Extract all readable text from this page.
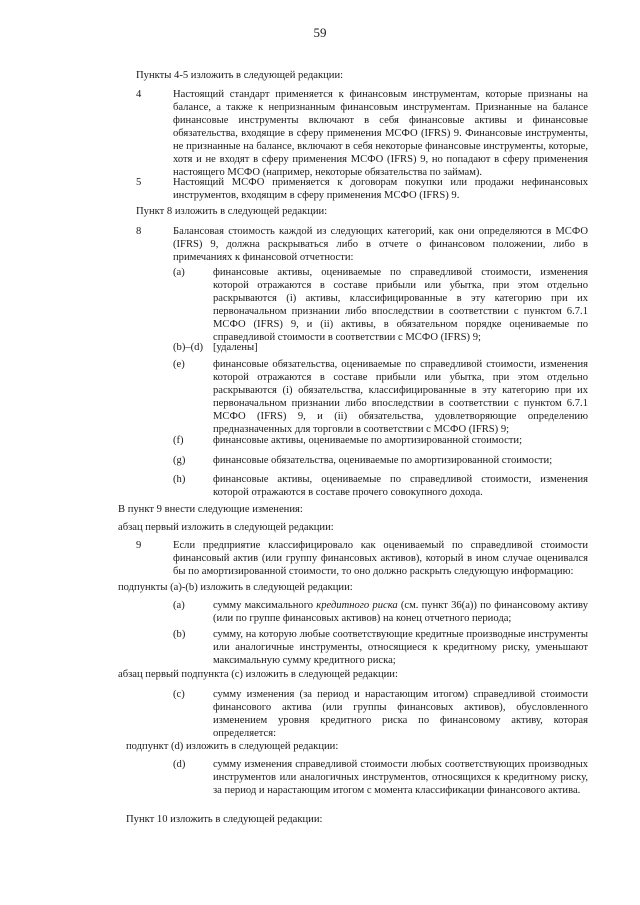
59
Пункты 4-5 изложить в следующей редакции:
4	Настоящий стандарт применяется к финансовым инструментам, которые признаны на балансе, а также к непризнанным финансовым инструментам. Признанные на балансе финансовые инструменты включают в себя финансовые активы и финансовые обязательства, входящие в сферу применения МСФО (IFRS) 9. Финансовые инструменты, не признанные на балансе, включают в себя некоторые финансовые инструменты, которые, хотя и не входят в сферу применения МСФО (IFRS) 9, но попадают в сферу применения настоящего МСФО (например, некоторые обязательства по займам).
5	Настоящий МСФО применяется к договорам покупки или продажи нефинансовых инструментов, входящим в сферу применения МСФО (IFRS) 9.
Пункт 8 изложить в следующей редакции:
8	Балансовая стоимость каждой из следующих категорий, как они определяются в МСФО (IFRS) 9, должна раскрываться либо в отчете о финансовом положении, либо в примечаниях к финансовой отчетности:
(a)	финансовые активы, оцениваемые по справедливой стоимости, изменения которой отражаются в составе прибыли или убытка, при этом отдельно раскрываются (i) активы, классифицированные в эту категорию при их первоначальном признании либо впоследствии в соответствии с пунктом 6.7.1 МСФО (IFRS) 9, и (ii) активы, в обязательном порядке оцениваемые по справедливой стоимости в соответствии с МСФО (IFRS) 9;
(b)–(d) [удалены]
(e)	финансовые обязательства, оцениваемые по справедливой стоимости, изменения которой отражаются в составе прибыли или убытка, при этом отдельно раскрываются (i) обязательства, классифицированные в эту категорию при их первоначальном признании либо впоследствии в соответствии с пунктом 6.7.1 МСФО (IFRS) 9, и (ii) обязательства, удовлетворяющие определению предназначенных для торговли в соответствии с МСФО (IFRS) 9;
(f)	финансовые активы, оцениваемые по амортизированной стоимости;
(g)	финансовые обязательства, оцениваемые по амортизированной стоимости;
(h)	финансовые активы, оцениваемые по справедливой стоимости, изменения которой отражаются в составе прочего совокупного дохода.
В пункт 9 внести следующие изменения:
абзац первый изложить в следующей редакции:
9	Если предприятие классифицировало как оцениваемый по справедливой стоимости финансовый актив (или группу финансовых активов), который в ином случае оценивался бы по амортизированной стоимости, то оно должно раскрыть следующую информацию:
подпункты (a)-(b) изложить в следующей редакции:
(a)	сумму максимального кредитного риска (см. пункт 36(a)) по финансовому активу (или по группе финансовых активов) на конец отчетного периода;
(b)	сумму, на которую любые соответствующие кредитные производные инструменты или аналогичные инструменты, относящиеся к кредитному риску, уменьшают максимальную сумму кредитного риска;
абзац первый подпункта (c) изложить в следующей редакции:
(c)	сумму изменения (за период и нарастающим итогом) справедливой стоимости финансового актива (или группы финансовых активов), обусловленного изменением уровня кредитного риска по финансовому активу, которая определяется:
подпункт (d) изложить в следующей редакции:
(d)	сумму изменения справедливой стоимости любых соответствующих производных инструментов или аналогичных инструментов, относящихся к кредитному риску, за период и нарастающим итогом с момента классификации финансового актива.
Пункт 10 изложить в следующей редакции:
